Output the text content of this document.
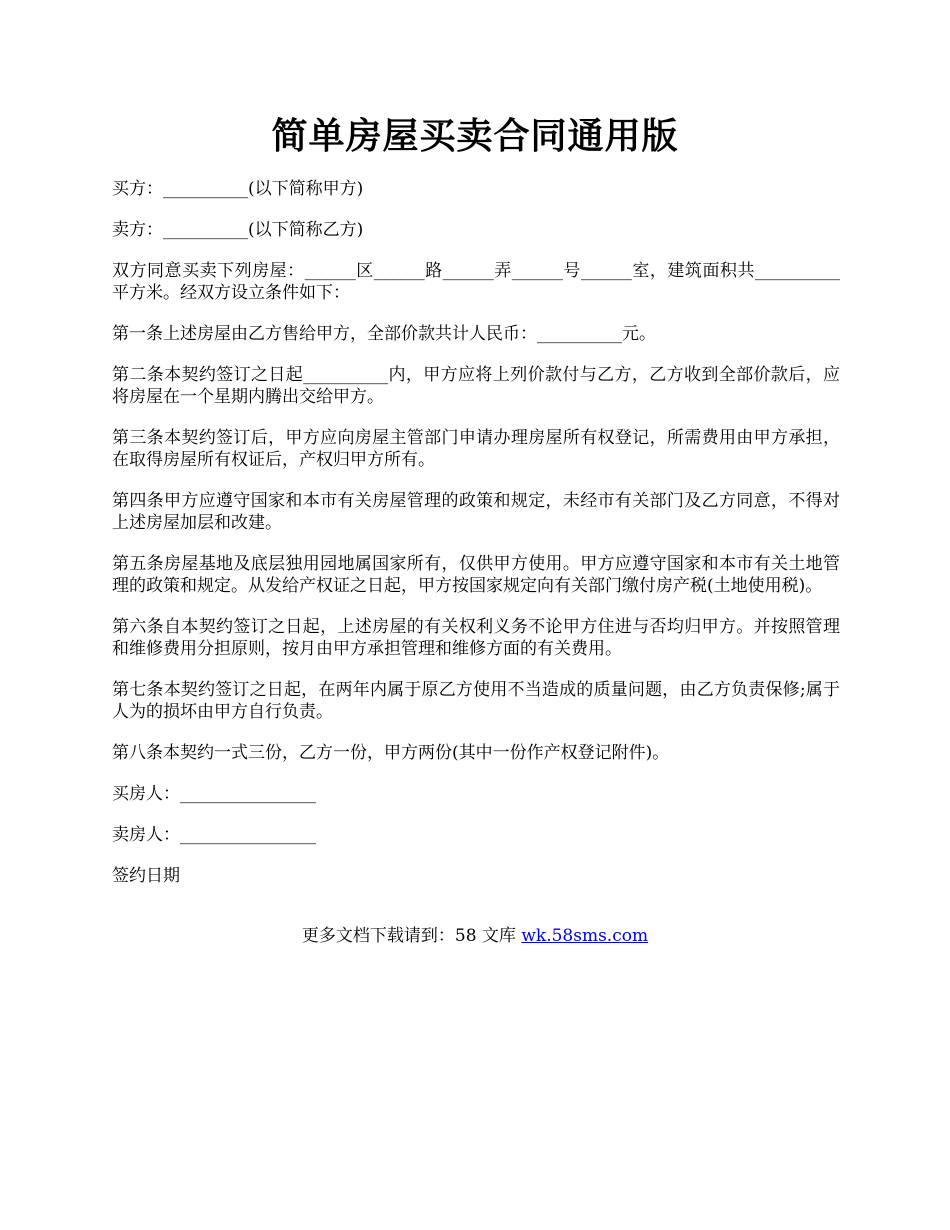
简单房屋买卖合同通用版

买方：__________(以下简称甲方)

卖方：__________(以下简称乙方)

双方同意买卖下列房屋：______区______路______弄______号______室，建筑面积共__________平方米。经双方设立条件如下：

第一条上述房屋由乙方售给甲方，全部价款共计人民币：__________元。

第二条本契约签订之日起__________内，甲方应将上列价款付与乙方，乙方收到全部价款后，应将房屋在一个星期内腾出交给甲方。

第三条本契约签订后，甲方应向房屋主管部门申请办理房屋所有权登记，所需费用由甲方承担，在取得房屋所有权证后，产权归甲方所有。

第四条甲方应遵守国家和本市有关房屋管理的政策和规定，未经市有关部门及乙方同意，不得对上述房屋加层和改建。

第五条房屋基地及底层独用园地属国家所有，仅供甲方使用。甲方应遵守国家和本市有关土地管理的政策和规定。从发给产权证之日起，甲方按国家规定向有关部门缴付房产税(土地使用税)。

第六条自本契约签订之日起，上述房屋的有关权利义务不论甲方住进与否均归甲方。并按照管理和维修费用分担原则，按月由甲方承担管理和维修方面的有关费用。

第七条本契约签订之日起，在两年内属于原乙方使用不当造成的质量问题，由乙方负责保修;属于人为的损坏由甲方自行负责。

第八条本契约一式三份，乙方一份，甲方两份(其中一份作产权登记附件)。

买房人：________________

卖房人：________________

签约日期

更多文档下载请到：58 文库 wk.58sms.com
